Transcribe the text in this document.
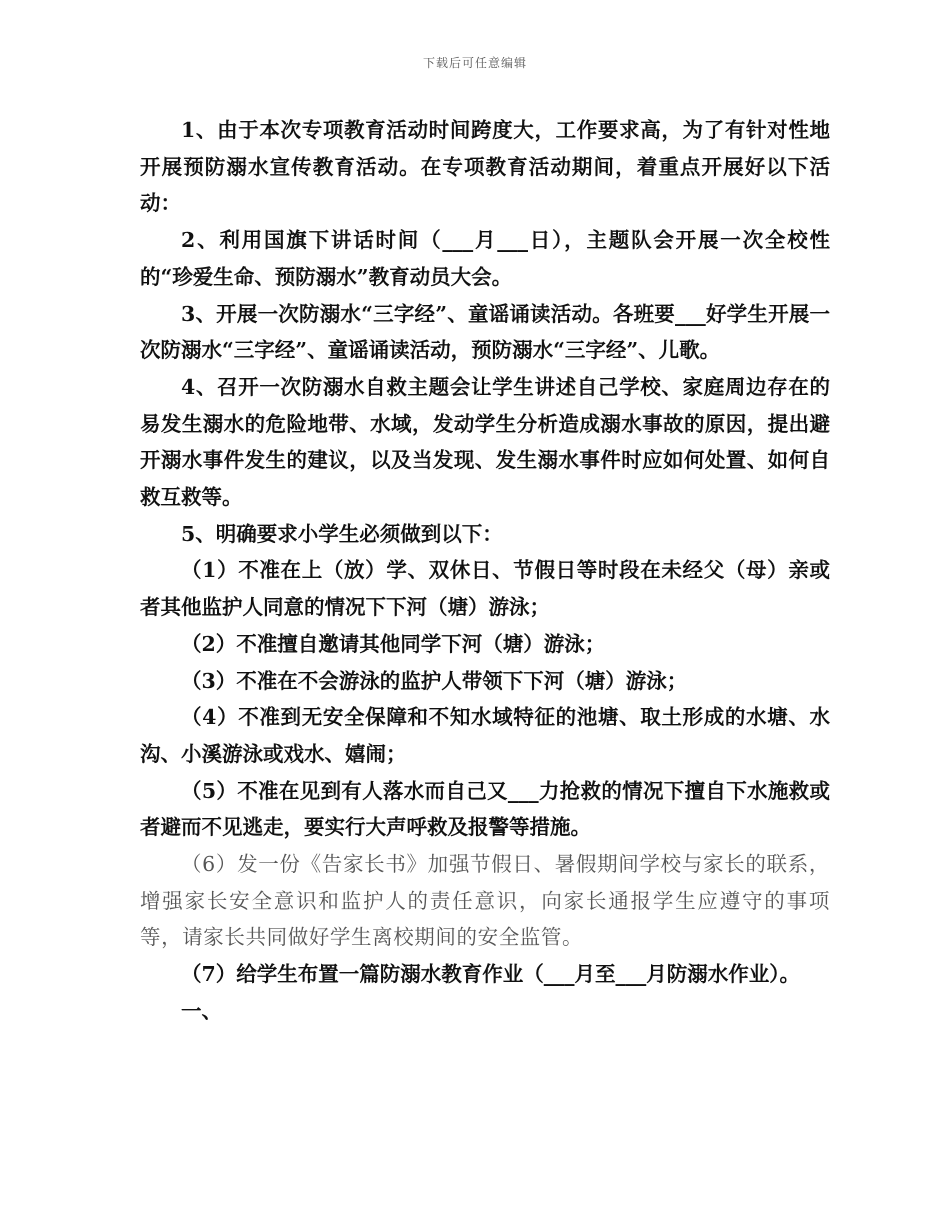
下载后可任意编辑

1、由于本次专项教育活动时间跨度大，工作要求高，为了有针对性地开展预防溺水宣传教育活动。在专项教育活动期间，着重点开展好以下活动：

2、利用国旗下讲话时间（___月___日），主题队会开展一次全校性的“珍爱生命、预防溺水”教育动员大会。

3、开展一次防溺水“三字经”、童谣诵读活动。各班要___好学生开展一次防溺水“三字经”、童谣诵读活动，预防溺水“三字经”、儿歌。

4、召开一次防溺水自救主题会让学生讲述自己学校、家庭周边存在的易发生溺水的危险地带、水域，发动学生分析造成溺水事故的原因，提出避开溺水事件发生的建议，以及当发现、发生溺水事件时应如何处置、如何自救互救等。

5、明确要求小学生必须做到以下：

（1）不准在上（放）学、双休日、节假日等时段在未经父（母）亲或者其他监护人同意的情况下下河（塘）游泳；

（2）不准擅自邀请其他同学下河（塘）游泳；

（3）不准在不会游泳的监护人带领下下河（塘）游泳；

（4）不准到无安全保障和不知水域特征的池塘、取土形成的水塘、水沟、小溪游泳或戏水、嬉闹；

（5）不准在见到有人落水而自己又___力抢救的情况下擅自下水施救或者避而不见逃走，要实行大声呼救及报警等措施。

（6）发一份《告家长书》加强节假日、暑假期间学校与家长的联系，增强家长安全意识和监护人的责任意识，向家长通报学生应遵守的事项等，请家长共同做好学生离校期间的安全监管。

（7）给学生布置一篇防溺水教育作业（___月至___月防溺水作业）。

一、
